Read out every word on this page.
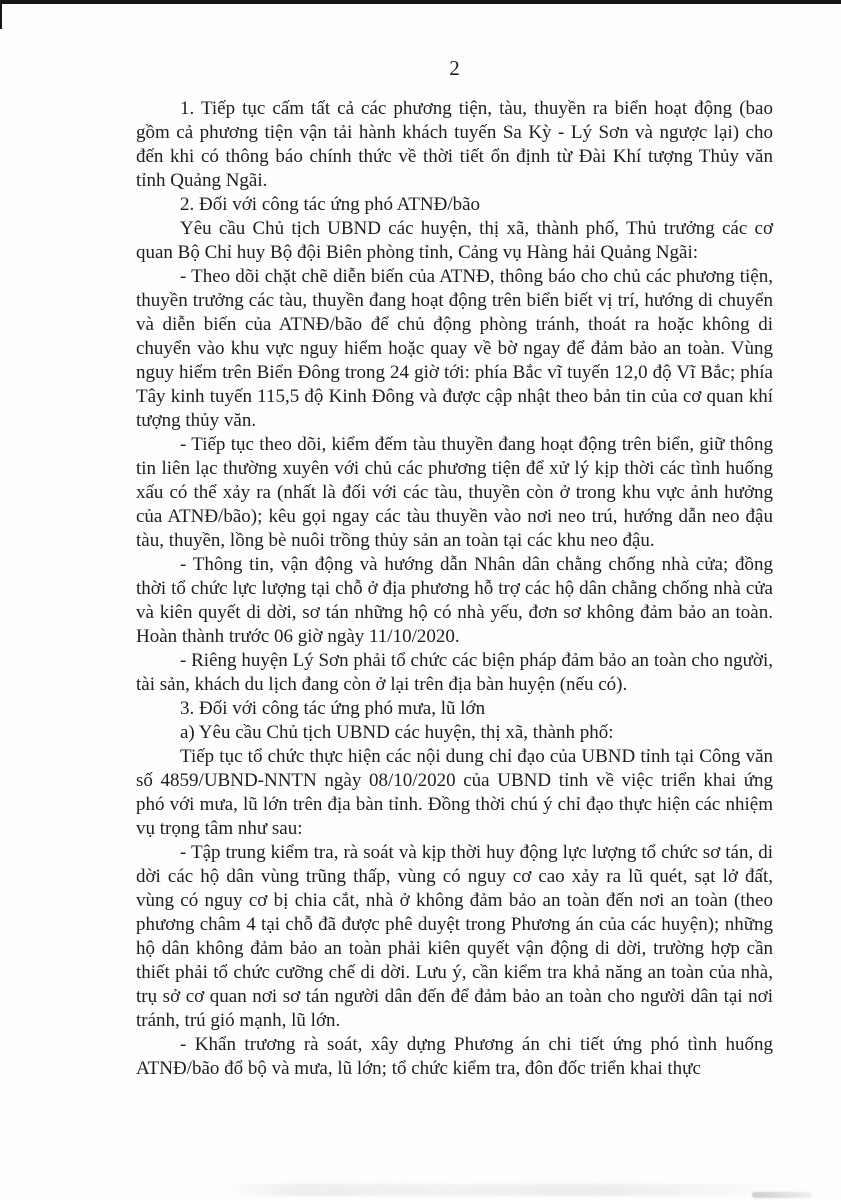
2

1. Tiếp tục cấm tất cả các phương tiện, tàu, thuyền ra biển hoạt động (bao gồm cả phương tiện vận tải hành khách tuyến Sa Kỳ - Lý Sơn và ngược lại) cho đến khi có thông báo chính thức về thời tiết ổn định từ Đài Khí tượng Thủy văn tỉnh Quảng Ngãi.

2. Đối với công tác ứng phó ATNĐ/bão

Yêu cầu Chủ tịch UBND các huyện, thị xã, thành phố, Thủ trưởng các cơ quan Bộ Chỉ huy Bộ đội Biên phòng tỉnh, Cảng vụ Hàng hải Quảng Ngãi:

- Theo dõi chặt chẽ diễn biến của ATNĐ, thông báo cho chủ các phương tiện, thuyền trưởng các tàu, thuyền đang hoạt động trên biển biết vị trí, hướng di chuyển và diễn biến của ATNĐ/bão để chủ động phòng tránh, thoát ra hoặc không di chuyển vào khu vực nguy hiểm hoặc quay về bờ ngay để đảm bảo an toàn. Vùng nguy hiểm trên Biển Đông trong 24 giờ tới: phía Bắc vĩ tuyến 12,0 độ Vĩ Bắc; phía Tây kinh tuyến 115,5 độ Kinh Đông và được cập nhật theo bản tin của cơ quan khí tượng thủy văn.

- Tiếp tục theo dõi, kiểm đếm tàu thuyền đang hoạt động trên biển, giữ thông tin liên lạc thường xuyên với chủ các phương tiện để xử lý kịp thời các tình huống xấu có thể xảy ra (nhất là đối với các tàu, thuyền còn ở trong khu vực ảnh hưởng của ATNĐ/bão); kêu gọi ngay các tàu thuyền vào nơi neo trú, hướng dẫn neo đậu tàu, thuyền, lồng bè nuôi trồng thủy sản an toàn tại các khu neo đậu.

- Thông tin, vận động và hướng dẫn Nhân dân chằng chống nhà cửa; đồng thời tổ chức lực lượng tại chỗ ở địa phương hỗ trợ các hộ dân chằng chống nhà cửa và kiên quyết di dời, sơ tán những hộ có nhà yếu, đơn sơ không đảm bảo an toàn. Hoàn thành trước 06 giờ ngày 11/10/2020.

- Riêng huyện Lý Sơn phải tổ chức các biện pháp đảm bảo an toàn cho người, tài sản, khách du lịch đang còn ở lại trên địa bàn huyện (nếu có).

3. Đối với công tác ứng phó mưa, lũ lớn

a) Yêu cầu Chủ tịch UBND các huyện, thị xã, thành phố:

Tiếp tục tổ chức thực hiện các nội dung chỉ đạo của UBND tỉnh tại Công văn số 4859/UBND-NNTN ngày 08/10/2020 của UBND tỉnh về việc triển khai ứng phó với mưa, lũ lớn trên địa bàn tỉnh. Đồng thời chú ý chỉ đạo thực hiện các nhiệm vụ trọng tâm như sau:

- Tập trung kiểm tra, rà soát và kịp thời huy động lực lượng tổ chức sơ tán, di dời các hộ dân vùng trũng thấp, vùng có nguy cơ cao xảy ra lũ quét, sạt lở đất, vùng có nguy cơ bị chia cắt, nhà ở không đảm bảo an toàn đến nơi an toàn (theo phương châm 4 tại chỗ đã được phê duyệt trong Phương án của các huyện); những hộ dân không đảm bảo an toàn phải kiên quyết vận động di dời, trường hợp cần thiết phải tổ chức cưỡng chế di dời. Lưu ý, cần kiểm tra khả năng an toàn của nhà, trụ sở cơ quan nơi sơ tán người dân đến để đảm bảo an toàn cho người dân tại nơi tránh, trú gió mạnh, lũ lớn.

- Khẩn trương rà soát, xây dựng Phương án chi tiết ứng phó tình huống ATNĐ/bão đổ bộ và mưa, lũ lớn; tổ chức kiểm tra, đôn đốc triển khai thực
